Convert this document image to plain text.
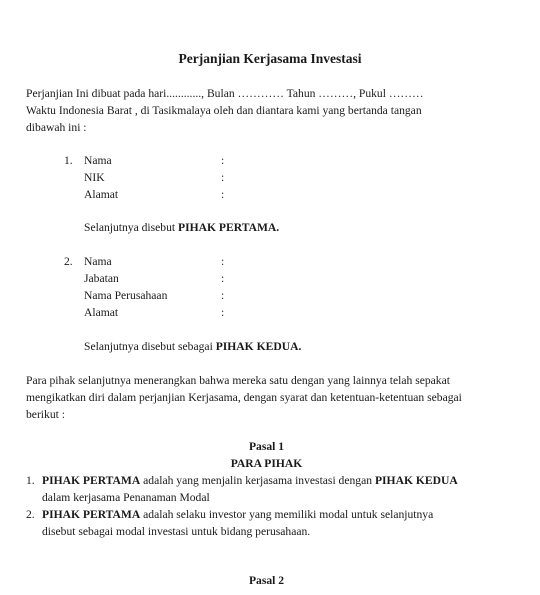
Perjanjian Kerjasama Investasi
Perjanjian Ini dibuat pada hari............, Bulan ………… Tahun ………, Pukul ………
Waktu Indonesia Barat , di Tasikmalaya oleh dan diantara kami yang bertanda tangan
dibawah ini :
1. Nama	:
NIK	:
Alamat	:
Selanjutnya disebut PIHAK PERTAMA.
2. Nama	:
Jabatan	:
Nama Perusahaan	:
Alamat	:
Selanjutnya disebut sebagai PIHAK KEDUA.
Para pihak selanjutnya menerangkan bahwa mereka satu dengan yang lainnya telah sepakat
mengikatkan diri dalam perjanjian Kerjasama, dengan syarat dan ketentuan-ketentuan sebagai
berikut :
Pasal 1
PARA PIHAK
1. PIHAK PERTAMA adalah yang menjalin kerjasama investasi dengan PIHAK KEDUA
dalam kerjasama Penanaman Modal
2. PIHAK PERTAMA adalah selaku investor yang memiliki modal untuk selanjutnya
disebut sebagai modal investasi untuk bidang perusahaan.
Pasal 2
